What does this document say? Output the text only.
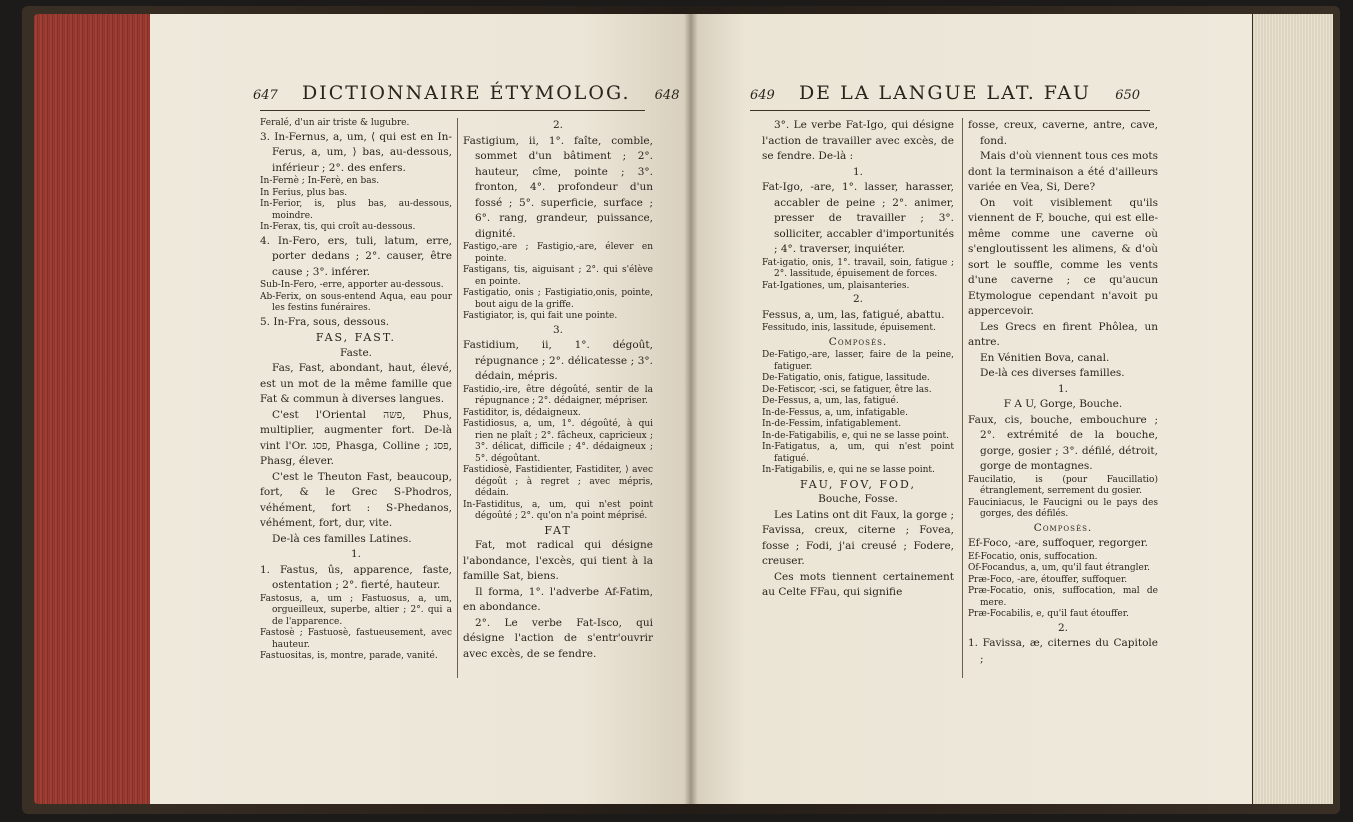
647 DICTIONNAIRE ÉTYMOLOG. 648

Feralé, d'un air triste & lugubre.

3. In-Fernus, a, um, ⟨ qui est en In-Ferus, a, um, ⟩ bas, au-dessous, inférieur ; 2°. des enfers.

In-Fernè ; In-Ferè, en bas.

In Ferius, plus bas.

In-Ferior, is, plus bas, au-dessous, moindre.

In-Ferax, tis, qui croît au-dessous.

4. In-Fero, ers, tuli, latum, erre, porter dedans ; 2°. causer, être cause ; 3°. inférer.

Sub-In-Fero, -erre, apporter au-dessous.

Ab-Ferix, on sous-entend Aqua, eau pour les festins funéraires.

5. In-Fra, sous, dessous.

FAS, FAST.

Faste.

Fas, Fast, abondant, haut, élevé, est un mot de la même famille que Fat & commun à diverses langues.

C'est l'Oriental פשה, Phus, multiplier, augmenter fort. De-là vint l'Or. פסג, Phasga, Colline ; פסג, Phasg, élever.

C'est le Theuton Fast, beaucoup, fort, & le Grec S-Phodros, véhément, fort : S-Phedanos, véhément, fort, dur, vite.

De-là ces familles Latines.

1.

1. Fastus, ûs, apparence, faste, ostentation ; 2°. fierté, hauteur.

Fastosus, a, um ; Fastuosus, a, um, orgueilleux, superbe, altier ; 2°. qui a de l'apparence.

Fastosè ; Fastuosè, fastueusement, avec hauteur.

Fastuositas, is, montre, parade, vanité.

2.

Fastigium, ii, 1°. faîte, comble, sommet d'un bâtiment ; 2°. hauteur, cîme, pointe ; 3°. fronton, 4°. profondeur d'un fossé ; 5°. superficie, surface ; 6°. rang, grandeur, puissance, dignité.

Fastigo,-are ; Fastigio,-are, élever en pointe.

Fastigans, tis, aiguisant ; 2°. qui s'élève en pointe.

Fastigatio, onis ; Fastigiatio,onis, pointe, bout aigu de la griffe.

Fastigiator, is, qui fait une pointe.

3.

Fastidium, ii, 1°. dégoût, répugnance ; 2°. délicatesse ; 3°. dédain, mépris.

Fastidio,-ire, être dégoûté, sentir de la répugnance ; 2°. dédaigner, mépriser.

Fastiditor, is, dédaigneux.

Fastidiosus, a, um, 1°. dégoûté, à qui rien ne plaît ; 2°. fâcheux, capricieux ; 3°. délicat, difficile ; 4°. dédaigneux ; 5°. dégoûtant.

Fastidiosè, Fastidienter, Fastiditer, ⟩ avec dégoût ; à regret ; avec mépris, dédain.

In-Fastiditus, a, um, qui n'est point dégoûté ; 2°. qu'on n'a point méprisé.

FAT

Fat, mot radical qui désigne l'abondance, l'excès, qui tient à la famille Sat, biens.

Il forma, 1°. l'adverbe Af-Fatim, en abondance.

2°. Le verbe Fat-Isco, qui désigne l'action de s'entr'ouvrir avec excès, de se fendre.

649 DE LA LANGUE LAT. FAU 650

3°. Le verbe Fat-Igo, qui désigne l'action de travailler avec excès, de se fendre. De-là :

1.

Fat-Igo, -are, 1°. lasser, harasser, accabler de peine ; 2°. animer, presser de travailler ; 3°. solliciter, accabler d'importunités ; 4°. traverser, inquiéter.

Fat-igatio, onis, 1°. travail, soin, fatigue ; 2°. lassitude, épuisement de forces.

Fat-Igationes, um, plaisanteries.

2.

Fessus, a, um, las, fatigué, abattu.

Fessitudo, inis, lassitude, épuisement.

Composés.

De-Fatigo,-are, lasser, faire de la peine, fatiguer.

De-Fatigatio, onis, fatigue, lassitude.

De-Fetiscor, -sci, se fatiguer, être las.

De-Fessus, a, um, las, fatigué.

In-de-Fessus, a, um, infatigable.

In-de-Fessim, infatigablement.

In-de-Fatigabilis, e, qui ne se lasse point.

In-Fatigatus, a, um, qui n'est point fatigué.

In-Fatigabilis, e, qui ne se lasse point.

FAU, FOV, FOD,

Bouche, Fosse.

Les Latins ont dit Faux, la gorge ; Favissa, creux, citerne ; Fovea, fosse ; Fodi, j'ai creusé ; Fodere, creuser.

Ces mots tiennent certainement au Celte FFau, qui signifie

fosse, creux, caverne, antre, cave, fond.

Mais d'où viennent tous ces mots dont la terminaison a été d'ailleurs variée en Vea, Si, Dere?

On voit visiblement qu'ils viennent de F, bouche, qui est elle-même comme une caverne où s'engloutissent les alimens, & d'où sort le souffle, comme les vents d'une caverne ; ce qu'aucun Etymologue cependant n'avoit pu appercevoir.

Les Grecs en firent Phôlea, un antre.

En Vénitien Bova, canal.

De-là ces diverses familles.

1.

F A U, Gorge, Bouche.

Faux, cis, bouche, embouchure ; 2°. extrémité de la bouche, gorge, gosier ; 3°. défilé, détroit, gorge de montagnes.

Faucilatio, is (pour Faucillatio) étranglement, serrement du gosier.

Fauciniacus, le Faucigni ou le pays des gorges, des défilés.

Composés.

Ef-Foco, -are, suffoquer, regorger.

Ef-Focatio, onis, suffocation.

Of-Focandus, a, um, qu'il faut étrangler.

Præ-Foco, -are, étouffer, suffoquer.

Præ-Focatio, onis, suffocation, mal de mere.

Præ-Focabilis, e, qu'il faut étouffer.

2.

1. Favissa, æ, citernes du Capitole ;
